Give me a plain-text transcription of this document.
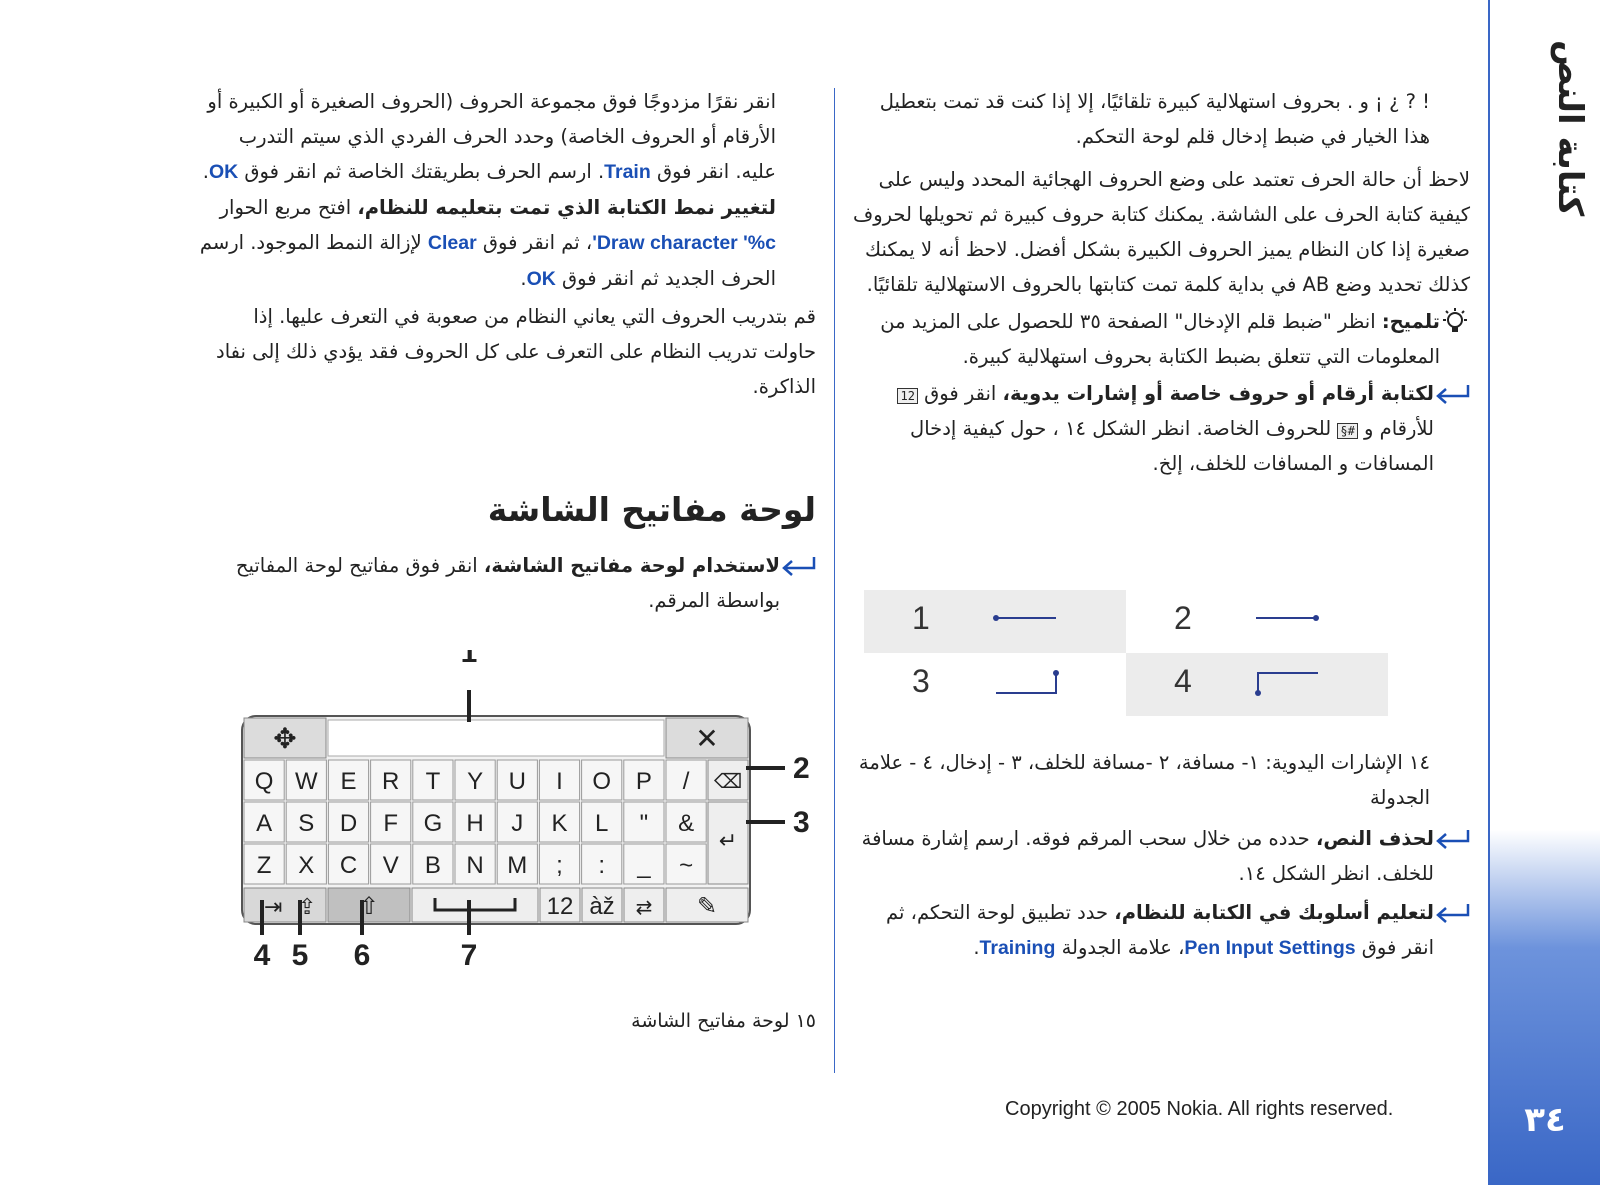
كتابة النص
٣٤

! ? ¿ ¡ و . بحروف استهلالية كبيرة تلقائيًا، إلا إذا كنت قد تمت بتعطيل هذا الخيار في ضبط إدخال قلم لوحة التحكم.

لاحظ أن حالة الحرف تعتمد على وضع الحروف الهجائية المحدد وليس على كيفية كتابة الحرف على الشاشة. يمكنك كتابة حروف كبيرة ثم تحويلها لحروف صغيرة إذا كان النظام يميز الحروف الكبيرة بشكل أفضل. لاحظ أنه لا يمكنك كذلك تحديد وضع AB في بداية كلمة تمت كتابتها بالحروف الاستهلالية تلقائيًا.

تلميح: انظر "ضبط قلم الإدخال" الصفحة ٣٥ للحصول على المزيد من المعلومات التي تتعلق بضبط الكتابة بحروف استهلالية كبيرة.

لكتابة أرقام أو حروف خاصة أو إشارات يدوية، انقر فوق 12 للأرقام و #§ للحروف الخاصة. انظر الشكل ١٤ ، حول كيفية إدخال المسافات و المسافات للخلف، إلخ.

1	2
3	4

١٤ الإشارات اليدوية: ١- مسافة، ٢ -مسافة للخلف، ٣ - إدخال، ٤ - علامة الجدولة

لحذف النص، حدده من خلال سحب المرقم فوقه. ارسم إشارة مسافة للخلف. انظر الشكل ١٤.

لتعليم أسلوبك في الكتابة للنظام، حدد تطبيق لوحة التحكم، ثم انقر فوق Pen Input Settings، علامة الجدولة Training.

انقر نقرًا مزدوجًا فوق مجموعة الحروف (الحروف الصغيرة أو الكبيرة أو الأرقام أو الحروف الخاصة) وحدد الحرف الفردي الذي سيتم التدرب عليه. انقر فوق Train. ارسم الحرف بطريقتك الخاصة ثم انقر فوق OK. لتغيير نمط الكتابة الذي تمت بتعليمه للنظام، افتح مربع الحوار Draw character '%c'، ثم انقر فوق Clear لإزالة النمط الموجود. ارسم الحرف الجديد ثم انقر فوق OK.

قم بتدريب الحروف التي يعاني النظام من صعوبة في التعرف عليها. إذا حاولت تدريب النظام على التعرف على كل الحروف فقد يؤدي ذلك إلى نفاد الذاكرة.

لوحة مفاتيح الشاشة

لاستخدام لوحة مفاتيح الشاشة، انقر فوق مفاتيح لوحة المفاتيح بواسطة المرقم.

✥	✕
Q W E R T Y U I O P /
A S D F G H J K L " &
Z X C V B N M ; : _ ~
⇥ ⇪ ⇧	12 àž ⇄ ✎
⌫
↵
1
2
3
4 5 6	7
١٥ لوحة مفاتيح الشاشة
Copyright © 2005 Nokia. All rights reserved.
